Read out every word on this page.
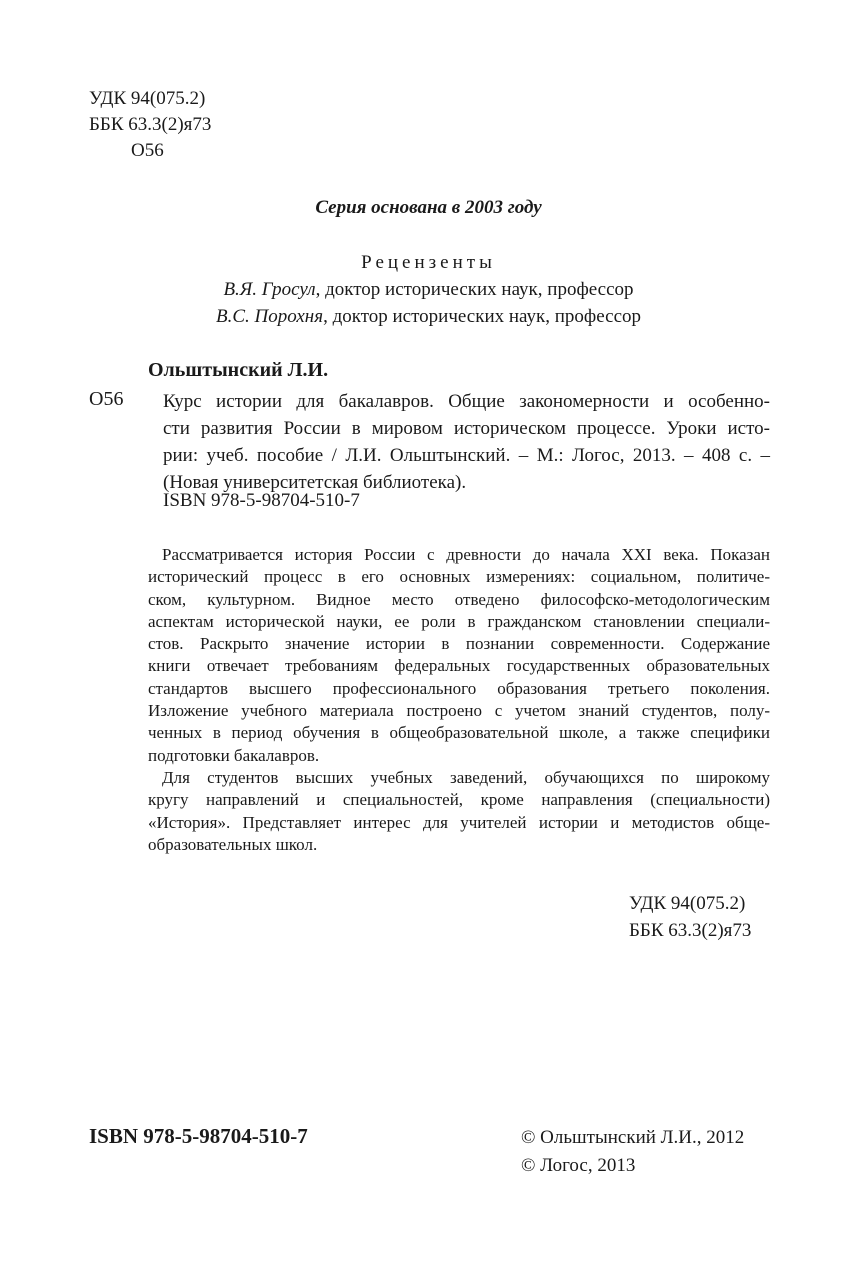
УДК 94(075.2)
ББК 63.3(2)я73
О56
Серия основана в 2003 году
Рецензенты
В.Я. Гросул, доктор исторических наук, профессор
В.С. Порохня, доктор исторических наук, профессор
Ольштынский Л.И.
О56 Курс истории для бакалавров. Общие закономерности и особенно-
сти развития России в мировом историческом процессе. Уроки исто-
рии: учеб. пособие / Л.И. Ольштынский. – М.: Логос, 2013. – 408 с. –
(Новая университетская библиотека).
ISBN 978-5-98704-510-7
Рассматривается история России с древности до начала XXI века. Показан
исторический процесс в его основных измерениях: социальном, политиче-
ском, культурном. Видное место отведено философско-методологическим
аспектам исторической науки, ее роли в гражданском становлении специали-
стов. Раскрыто значение истории в познании современности. Содержание
книги отвечает требованиям федеральных государственных образовательных
стандартов высшего профессионального образования третьего поколения.
Изложение учебного материала построено с учетом знаний студентов, полу-
ченных в период обучения в общеобразовательной школе, а также специфики
подготовки бакалавров.
Для студентов высших учебных заведений, обучающихся по широкому
кругу направлений и специальностей, кроме направления (специальности)
«История». Представляет интерес для учителей истории и методистов обще-
образовательных школ.
УДК 94(075.2)
ББК 63.3(2)я73
ISBN 978-5-98704-510-7	© Ольштынский Л.И., 2012
© Логос, 2013
